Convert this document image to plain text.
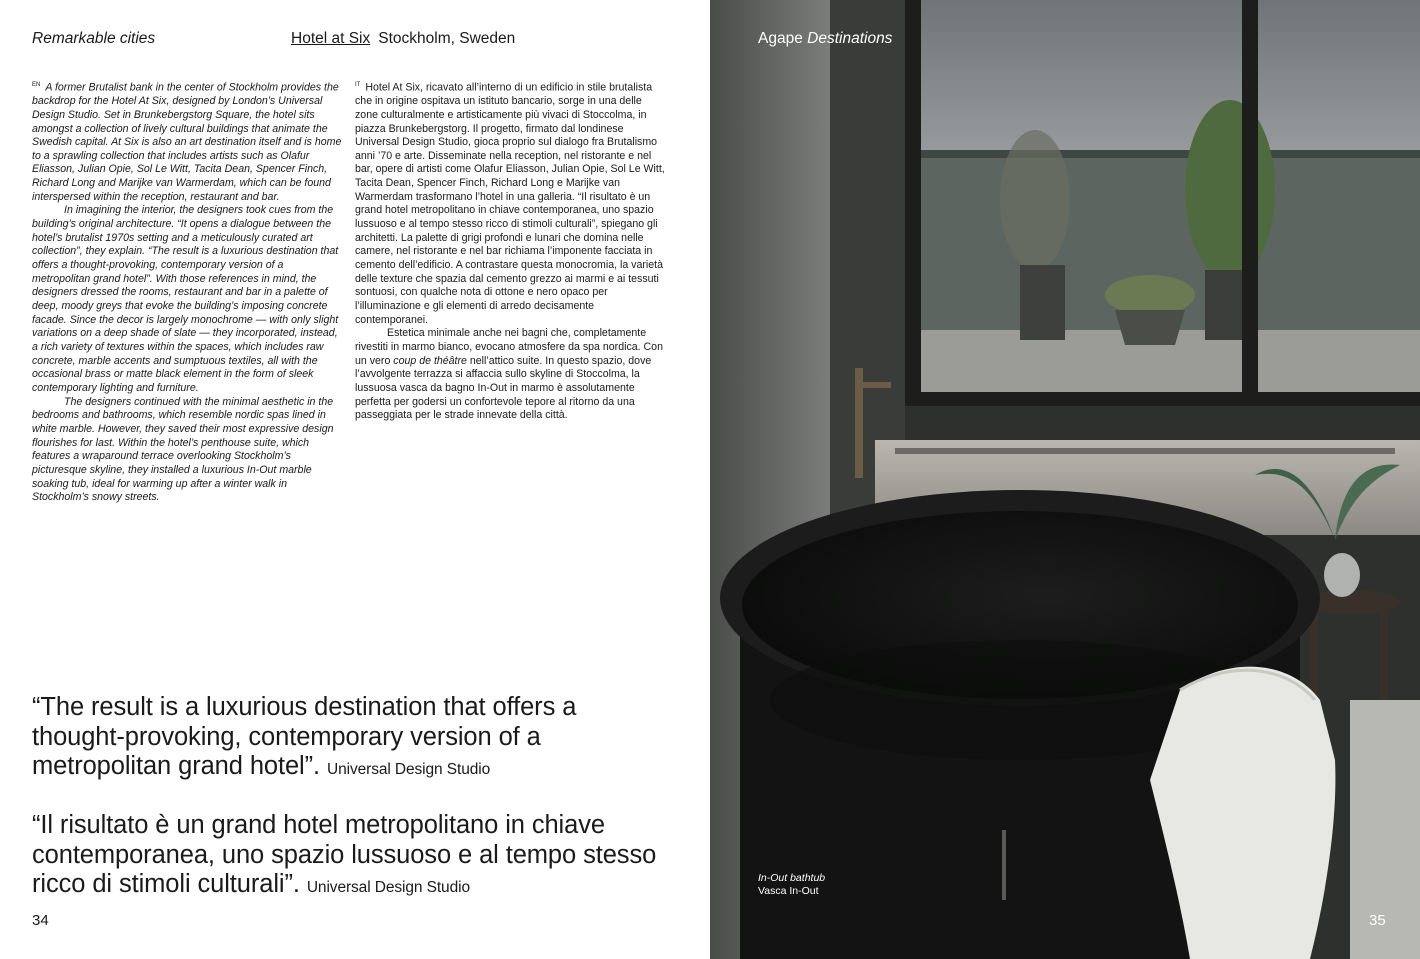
Remarkable cities	Hotel at Six Stockholm, Sweden

$^{EN}$ A former Brutalist bank in the center of Stockholm provides the backdrop for the Hotel At Six, designed by London’s Universal Design Studio. Set in Brunkebergstorg Square, the hotel sits amongst a collection of lively cultural buildings that animate the Swedish capital. At Six is also an art destination itself and is home to a sprawling collection that includes artists such as Olafur Eliasson, Julian Opie, Sol Le Witt, Tacita Dean, Spencer Finch, Richard Long and Marijke van Warmerdam, which can be found interspersed within the reception, restaurant and bar.

In imagining the interior, the designers took cues from the building’s original architecture. “It opens a dialogue between the hotel’s brutalist 1970s setting and a meticulously curated art collection”, they explain. “The result is a luxurious destination that offers a thought-provoking, contemporary version of a metropolitan grand hotel”. With those references in mind, the designers dressed the rooms, restaurant and bar in a palette of deep, moody greys that evoke the building’s imposing concrete facade. Since the decor is largely monochrome — with only slight variations on a deep shade of slate — they incorporated, instead, a rich variety of textures within the spaces, which includes raw concrete, marble accents and sumptuous textiles, all with the occasional brass or matte black element in the form of sleek contemporary lighting and furniture.

The designers continued with the minimal aesthetic in the bedrooms and bathrooms, which resemble nordic spas lined in white marble. However, they saved their most expressive design flourishes for last. Within the hotel’s penthouse suite, which features a wraparound terrace overlooking Stockholm’s picturesque skyline, they installed a luxurious In-Out marble soaking tub, ideal for warming up after a winter walk in Stockholm’s snowy streets.

$^{IT}$ Hotel At Six, ricavato all’interno di un edificio in stile brutalista che in origine ospitava un istituto bancario, sorge in una delle zone culturalmente e artisticamente più vivaci di Stoccolma, in piazza Brunkebergstorg. Il progetto, firmato dal londinese Universal Design Studio, gioca proprio sul dialogo fra Brutalismo anni ’70 e arte. Disseminate nella reception, nel ristorante e nel bar, opere di artisti come Olafur Eliasson, Julian Opie, Sol Le Witt, Tacita Dean, Spencer Finch, Richard Long e Marijke van Warmerdam trasformano l’hotel in una galleria. “Il risultato è un grand hotel metropolitano in chiave contemporanea, uno spazio lussuoso e al tempo stesso ricco di stimoli culturali”, spiegano gli architetti. La palette di grigi profondi e lunari che domina nelle camere, nel ristorante e nel bar richiama l’imponente facciata in cemento dell’edificio. A contrastare questa monocromia, la varietà delle texture che spazia dal cemento grezzo ai marmi e ai tessuti sontuosi, con qualche nota di ottone e nero opaco per l’illuminazione e gli elementi di arredo decisamente contemporanei.

Estetica minimale anche nei bagni che, completamente rivestiti in marmo bianco, evocano atmosfere da spa nordica. Con un vero coup de théâtre nell’attico suite. In questo spazio, dove l’avvolgente terrazza si affaccia sullo skyline di Stoccolma, la lussuosa vasca da bagno In-Out in marmo è assolutamente perfetta per godersi un confortevole tepore al ritorno da una passeggiata per le strade innevate della città.

“The result is a luxurious destination that offers a thought-provoking, contemporary version of a metropolitan grand hotel”. Universal Design Studio
“Il risultato è un grand hotel metropolitano in chiave contemporanea, uno spazio lussuoso e al tempo stesso ricco di stimoli culturali”. Universal Design Studio
34
Agape Destinations
In-Out bathtub
Vasca In-Out
35
